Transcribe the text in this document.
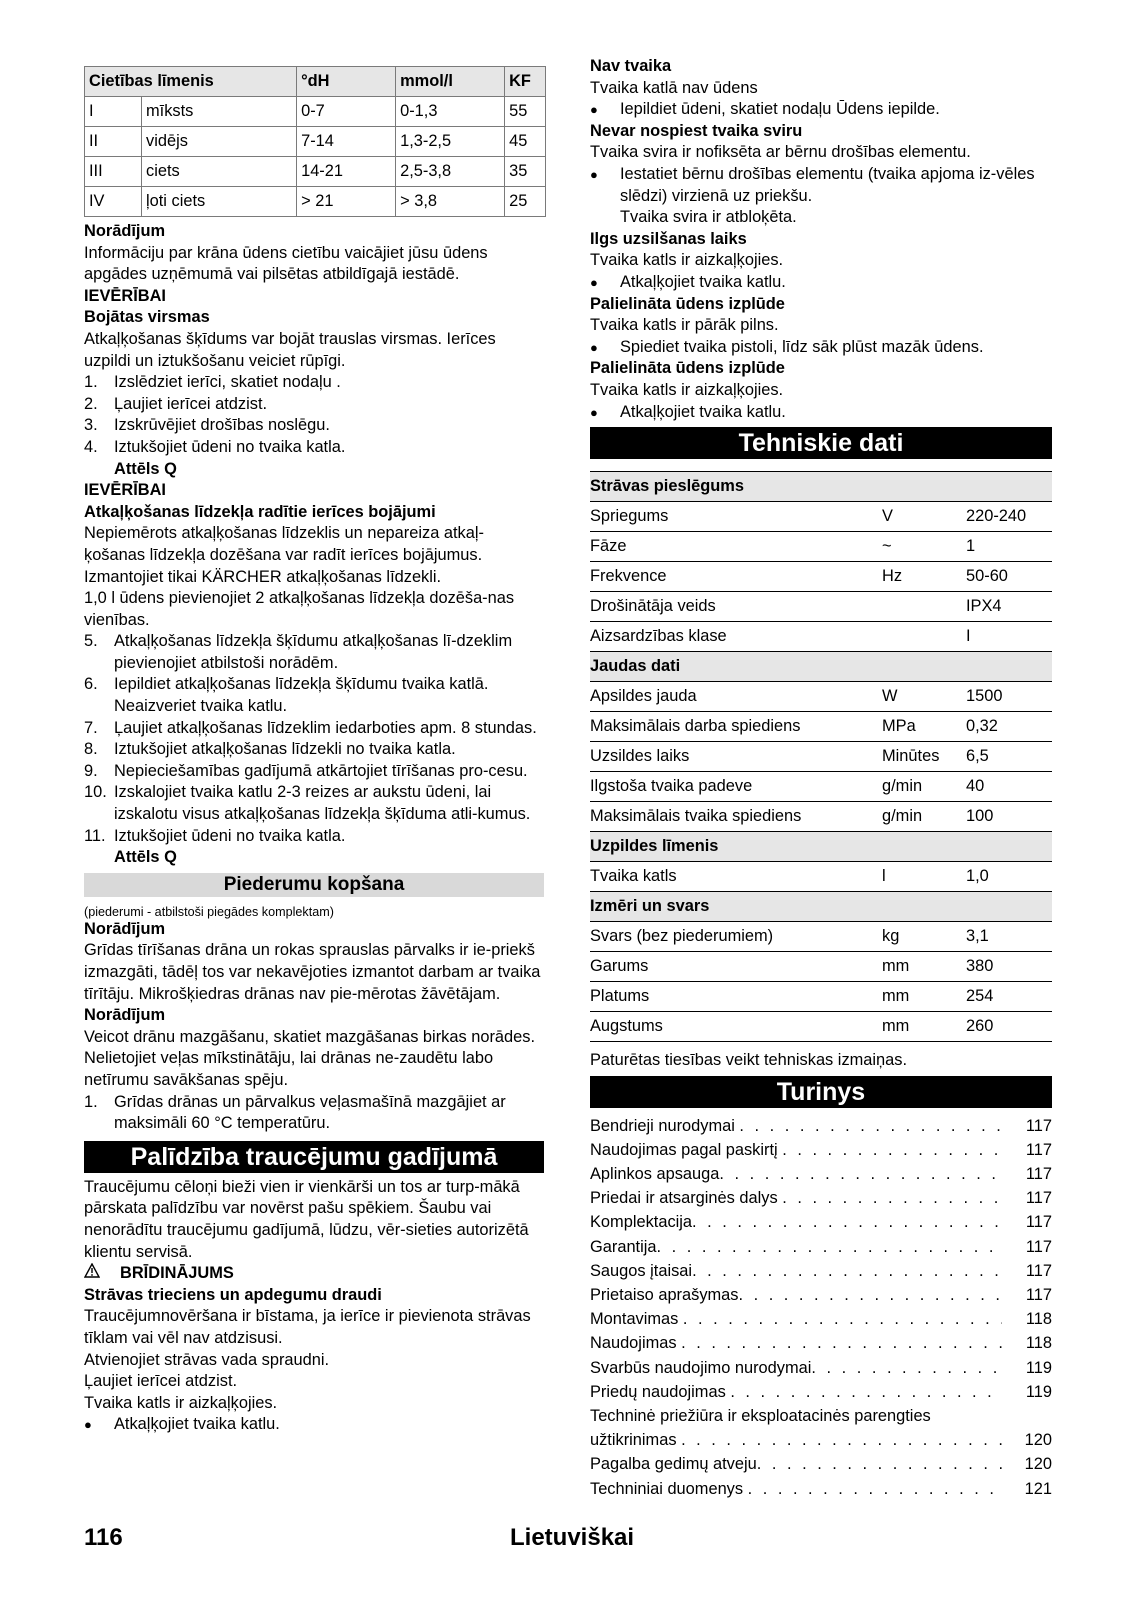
Cietības līmenis		°dH	mmol/l	KF
I	mīksts	0-7	0-1,3	55
II	vidējs	7-14	1,3-2,5	45
III	ciets	14-21	2,5-3,8	35
IV	ļoti ciets	> 21	> 3,8	25

Norādījum

Informāciju par krāna ūdens cietību vaicājiet jūsu ūdens apgādes uzņēmumā vai pilsētas atbildīgajā iestādē.

IEVĒRĪBAI

Bojātas virsmas

Atkaļķošanas šķīdums var bojāt trauslas virsmas. Ierīces uzpildi un iztukšošanu veiciet rūpīgi.

1. Izslēdziet ierīci, skatiet nodaļu .
2. Ļaujiet ierīcei atdzist.
3. Izskrūvējiet drošības noslēgu.
4. Iztukšojiet ūdeni no tvaika katla.
Attēls Q

IEVĒRĪBAI

Atkaļķošanas līdzekļa radītie ierīces bojājumi

Nepiemērots atkaļķošanas līdzeklis un nepareiza atkaļ-ķošanas līdzekļa dozēšana var radīt ierīces bojājumus. Izmantojiet tikai KÄRCHER atkaļķošanas līdzekli.

1,0 l ūdens pievienojiet 2 atkaļķošanas līdzekļa dozēša-nas vienības.

5. Atkaļķošanas līdzekļa šķīdumu atkaļķošanas lī-dzeklim pievienojiet atbilstoši norādēm.
6. Iepildiet atkaļķošanas līdzekļa šķīdumu tvaika katlā. Neaizveriet tvaika katlu.
7. Ļaujiet atkaļķošanas līdzeklim iedarboties apm. 8 stundas.
8. Iztukšojiet atkaļķošanas līdzekli no tvaika katla.
9. Nepieciešamības gadījumā atkārtojiet tīrīšanas pro-cesu.
10. Izskalojiet tvaika katlu 2-3 reizes ar aukstu ūdeni, lai izskalotu visus atkaļķošanas līdzekļa šķīduma atli-kumus.
11. Iztukšojiet ūdeni no tvaika katla.
Attēls Q
Piederumu kopšana

(piederumi - atbilstoši piegādes komplektam)

Norādījum

Grīdas tīrīšanas drāna un rokas sprauslas pārvalks ir ie-priekš izmazgāti, tādēļ tos var nekavējoties izmantot darbam ar tvaika tīrītāju. Mikrošķiedras drānas nav pie-mērotas žāvētājam.

Norādījum

Veicot drānu mazgāšanu, skatiet mazgāšanas birkas norādes. Nelietojiet veļas mīkstinātāju, lai drānas ne-zaudētu labo netīrumu savākšanas spēju.

1. Grīdas drānas un pārvalkus veļasmašīnā mazgājiet ar maksimāli 60 °C temperatūru.
Palīdzība traucējumu gadījumā

Traucējumu cēloņi bieži vien ir vienkārši un tos ar turp-mākā pārskata palīdzību var novērst pašu spēkiem. Šaubu vai nenorādītu traucējumu gadījumā, lūdzu, vēr-sieties autorizētā klientu servisā.

BRĪDINĀJUMS

Strāvas trieciens un apdegumu draudi

Traucējumnovēršana ir bīstama, ja ierīce ir pievienota strāvas tīklam vai vēl nav atdzisusi.

Atvienojiet strāvas vada spraudni.

Ļaujiet ierīcei atdzist.

Tvaika katls ir aizkaļķojies.

●
Atkaļķojiet tvaika katlu.

Nav tvaika

Tvaika katlā nav ūdens

●
Iepildiet ūdeni, skatiet nodaļu Ūdens iepilde.

Nevar nospiest tvaika sviru

Tvaika svira ir nofiksēta ar bērnu drošības elementu.

●
Iestatiet bērnu drošības elementu (tvaika apjoma iz-vēles slēdzi) virzienā uz priekšu.

Tvaika svira ir atbloķēta.

Ilgs uzsilšanas laiks

Tvaika katls ir aizkaļķojies.

●
Atkaļķojiet tvaika katlu.

Palielināta ūdens izplūde

Tvaika katls ir pārāk pilns.

●
Spiediet tvaika pistoli, līdz sāk plūst mazāk ūdens.

Palielināta ūdens izplūde

Tvaika katls ir aizkaļķojies.

●
Atkaļķojiet tvaika katlu.
Tehniskie dati
Strāvas pieslēgums		
Spriegums	V	220-240
Fāze	~	1
Frekvence	Hz	50-60
Drošinātāja veids		IPX4
Aizsardzības klase		I
Jaudas dati		
Apsildes jauda	W	1500
Maksimālais darba spiediens	MPa	0,32
Uzsildes laiks	Minūtes	6,5
Ilgstoša tvaika padeve	g/min	40
Maksimālais tvaika spiediens	g/min	100
Uzpildes līmenis		
Tvaika katls	l	1,0
Izmēri un svars		
Svars (bez piederumiem)	kg	3,1
Garums	mm	380
Platums	mm	254
Augstums	mm	260

Paturētas tiesības veikt tehniskas izmaiņas.

Turinys
Bendrieji nurodymai . . .	117
Naudojimas pagal paskirtį . . .	117
Aplinkos apsauga . . .	117
Priedai ir atsarginės dalys . . .	117
Komplektacija . . .	117
Garantija . . .	117
Saugos įtaisai . . .	117
Prietaiso aprašymas . . .	117
Montavimas . . .	118
Naudojimas . . .	118
Svarbūs naudojimo nurodymai . . .	119
Priedų naudojimas . . .	119
Techninė priežiūra ir eksploatacinės parengties
užtikrinimas . . .	120
Pagalba gedimų atveju . . .	120
Techniniai duomenys . . .	121
116	Lietuviškai
